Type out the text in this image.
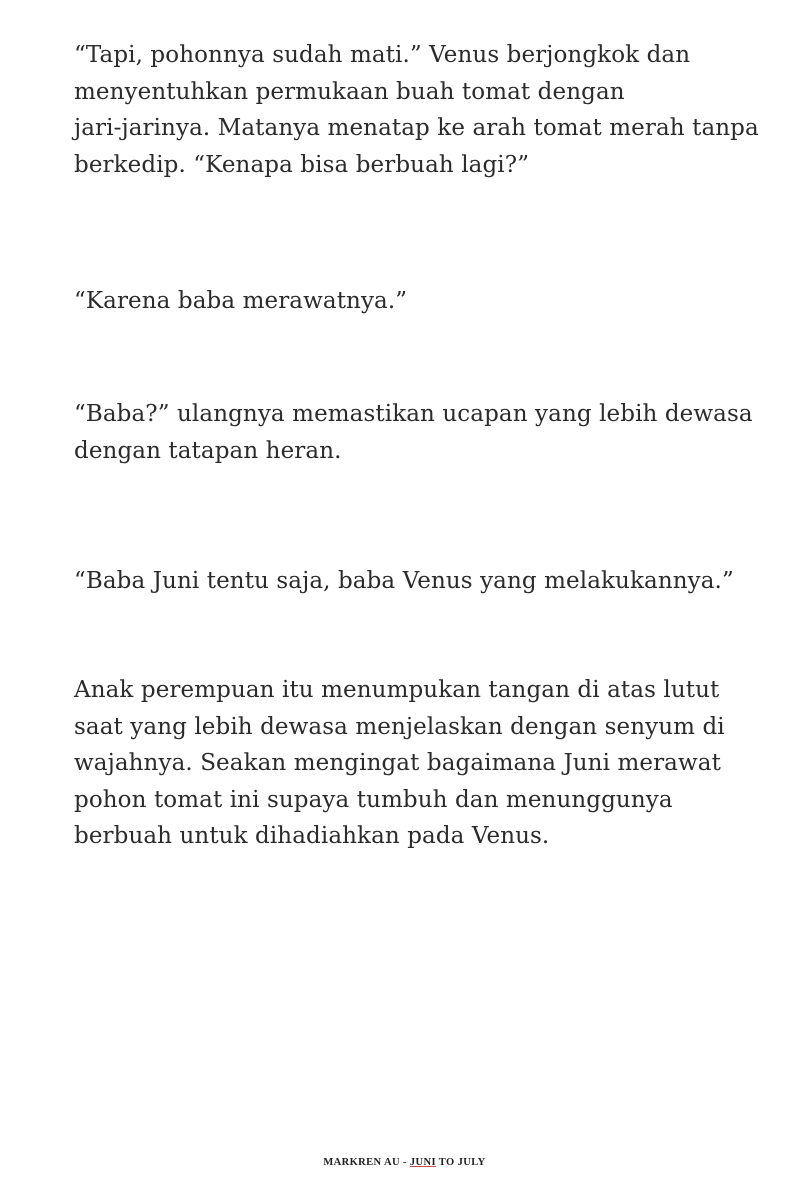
“Tapi, pohonnya sudah mati.” Venus berjongkok dan
menyentuhkan permukaan buah tomat dengan
jari-jarinya. Matanya menatap ke arah tomat merah tanpa
berkedip. “Kenapa bisa berbuah lagi?”

“Karena baba merawatnya.”

“Baba?” ulangnya memastikan ucapan yang lebih dewasa
dengan tatapan heran.

“Baba Juni tentu saja, baba Venus yang melakukannya.”

Anak perempuan itu menumpukan tangan di atas lutut
saat yang lebih dewasa menjelaskan dengan senyum di
wajahnya. Seakan mengingat bagaimana Juni merawat
pohon tomat ini supaya tumbuh dan menunggunya
berbuah untuk dihadiahkan pada Venus.

MARKREN AU - JUNI TO JULY
